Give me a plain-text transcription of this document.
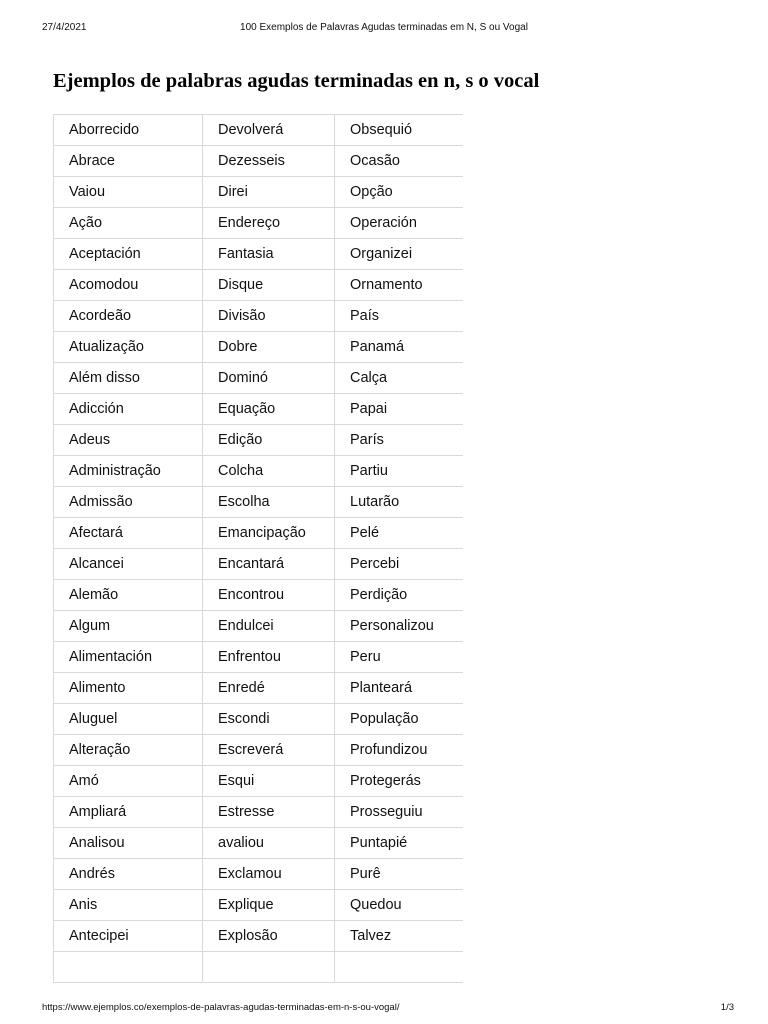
27/4/2021	100 Exemplos de Palavras Agudas terminadas em N, S ou Vogal
Ejemplos de palabras agudas terminadas en n, s o vocal
Aborrecido	Devolverá	Obsequió
Abrace	Dezesseis	Ocasão
Vaiou	Direi	Opção
Ação	Endereço	Operación
Aceptación	Fantasia	Organizei
Acomodou	Disque	Ornamento
Acordeão	Divisão	País
Atualização	Dobre	Panamá
Além disso	Dominó	Calça
Adicción	Equação	Papai
Adeus	Edição	París
Administração	Colcha	Partiu
Admissão	Escolha	Lutarão
Afectará	Emancipação	Pelé
Alcancei	Encantará	Percebi
Alemão	Encontrou	Perdição
Algum	Endulcei	Personalizou
Alimentación	Enfrentou	Peru
Alimento	Enredé	Planteará
Aluguel	Escondi	População
Alteração	Escreverá	Profundizou
Amó	Esqui	Protegerás
Ampliará	Estresse	Prosseguiu
Analisou	avaliou	Puntapié
Andrés	Exclamou	Purê
Anis	Explique	Quedou
Antecipei	Explosão	Talvez

https://www.ejemplos.co/exemplos-de-palavras-agudas-terminadas-em-n-s-ou-vogal/	1/3
